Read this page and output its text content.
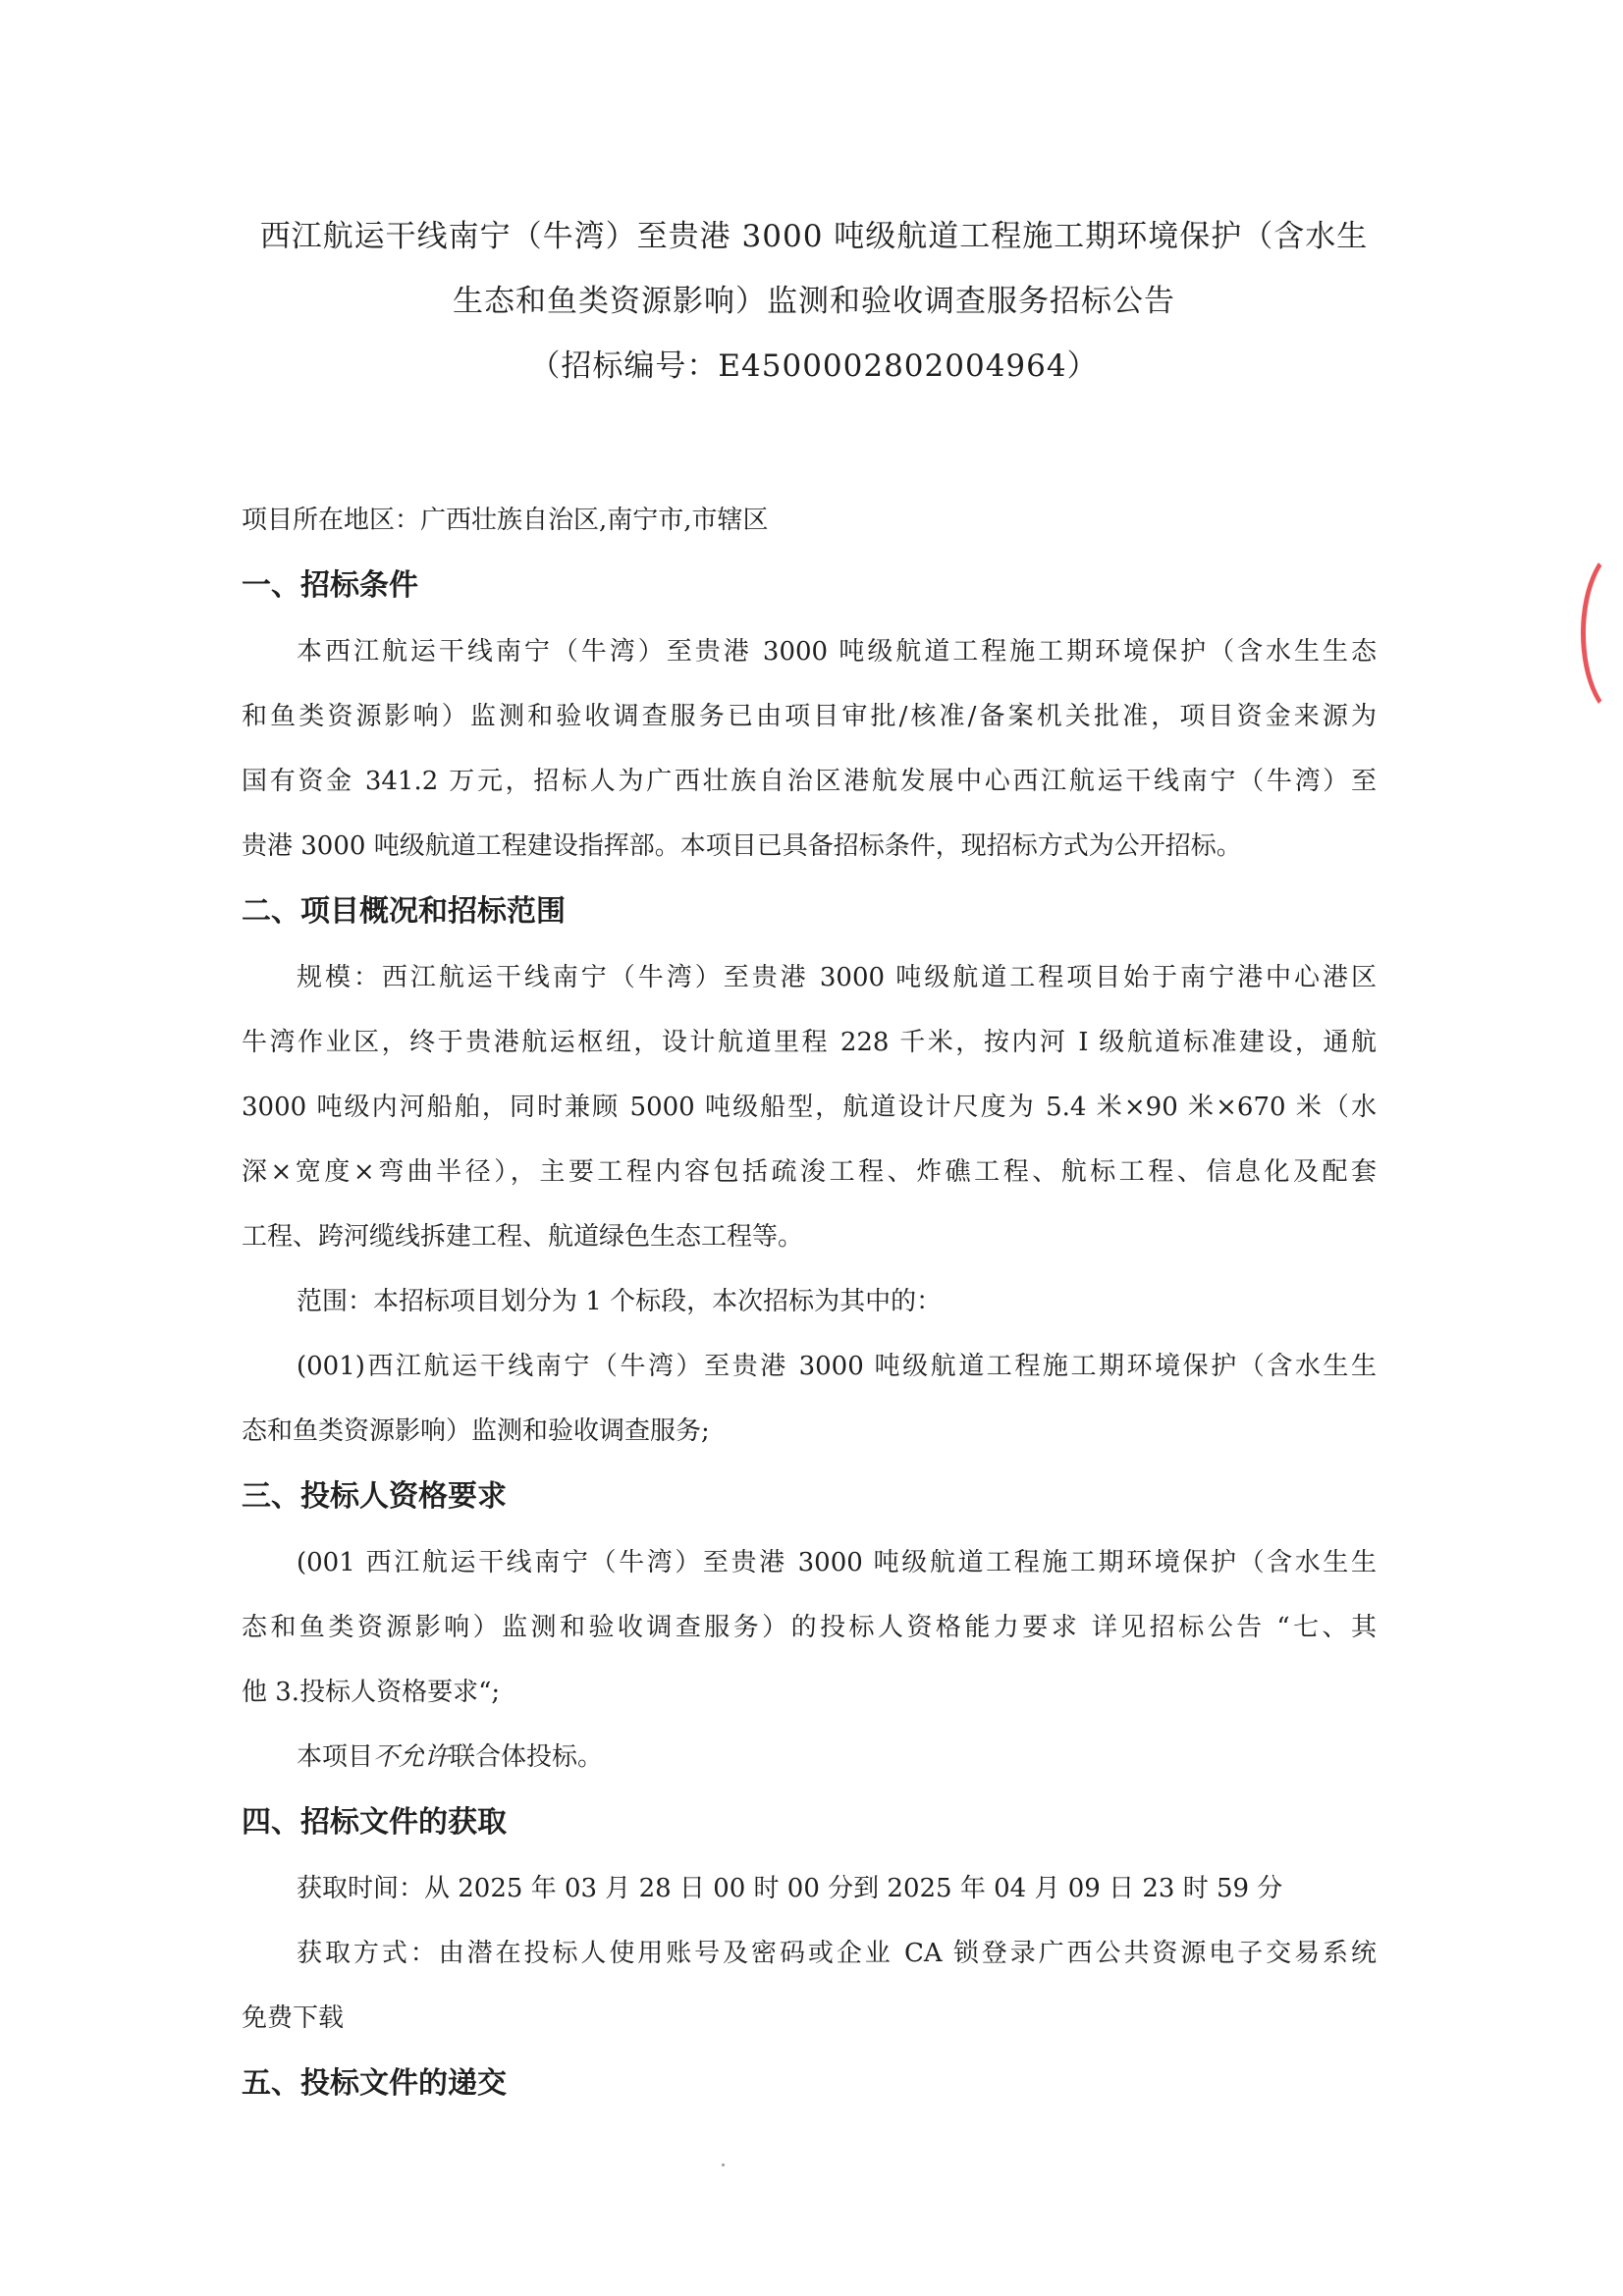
西江航运干线南宁（牛湾）至贵港 3000 吨级航道工程施工期环境保护（含水生
生态和鱼类资源影响）监测和验收调查服务招标公告
（招标编号：E4500002802004964）
项目所在地区：广西壮族自治区,南宁市,市辖区
一、招标条件
本西江航运干线南宁（牛湾）至贵港 3000 吨级航道工程施工期环境保护（含水生生态
和鱼类资源影响）监测和验收调查服务已由项目审批/核准/备案机关批准，项目资金来源为
国有资金 341.2 万元，招标人为广西壮族自治区港航发展中心西江航运干线南宁（牛湾）至
贵港 3000 吨级航道工程建设指挥部。本项目已具备招标条件，现招标方式为公开招标。
二、项目概况和招标范围
规模：西江航运干线南宁（牛湾）至贵港 3000 吨级航道工程项目始于南宁港中心港区
牛湾作业区，终于贵港航运枢纽，设计航道里程 228 千米，按内河 I 级航道标准建设，通航
3000 吨级内河船舶，同时兼顾 5000 吨级船型，航道设计尺度为 5.4 米×90 米×670 米（水
深×宽度×弯曲半径），主要工程内容包括疏浚工程、炸礁工程、航标工程、信息化及配套
工程、跨河缆线拆建工程、航道绿色生态工程等。
范围：本招标项目划分为 1 个标段，本次招标为其中的：
(001)西江航运干线南宁（牛湾）至贵港 3000 吨级航道工程施工期环境保护（含水生生
态和鱼类资源影响）监测和验收调查服务;
三、投标人资格要求
(001 西江航运干线南宁（牛湾）至贵港 3000 吨级航道工程施工期环境保护（含水生生
态和鱼类资源影响）监测和验收调查服务）的投标人资格能力要求 详见招标公告 “七、其
他 3.投标人资格要求“;
本项目不允许联合体投标。
四、招标文件的获取
获取时间：从 2025 年 03 月 28 日 00 时 00 分到 2025 年 04 月 09 日 23 时 59 分
获取方式：由潜在投标人使用账号及密码或企业 CA 锁登录广西公共资源电子交易系统
免费下载
五、投标文件的递交
